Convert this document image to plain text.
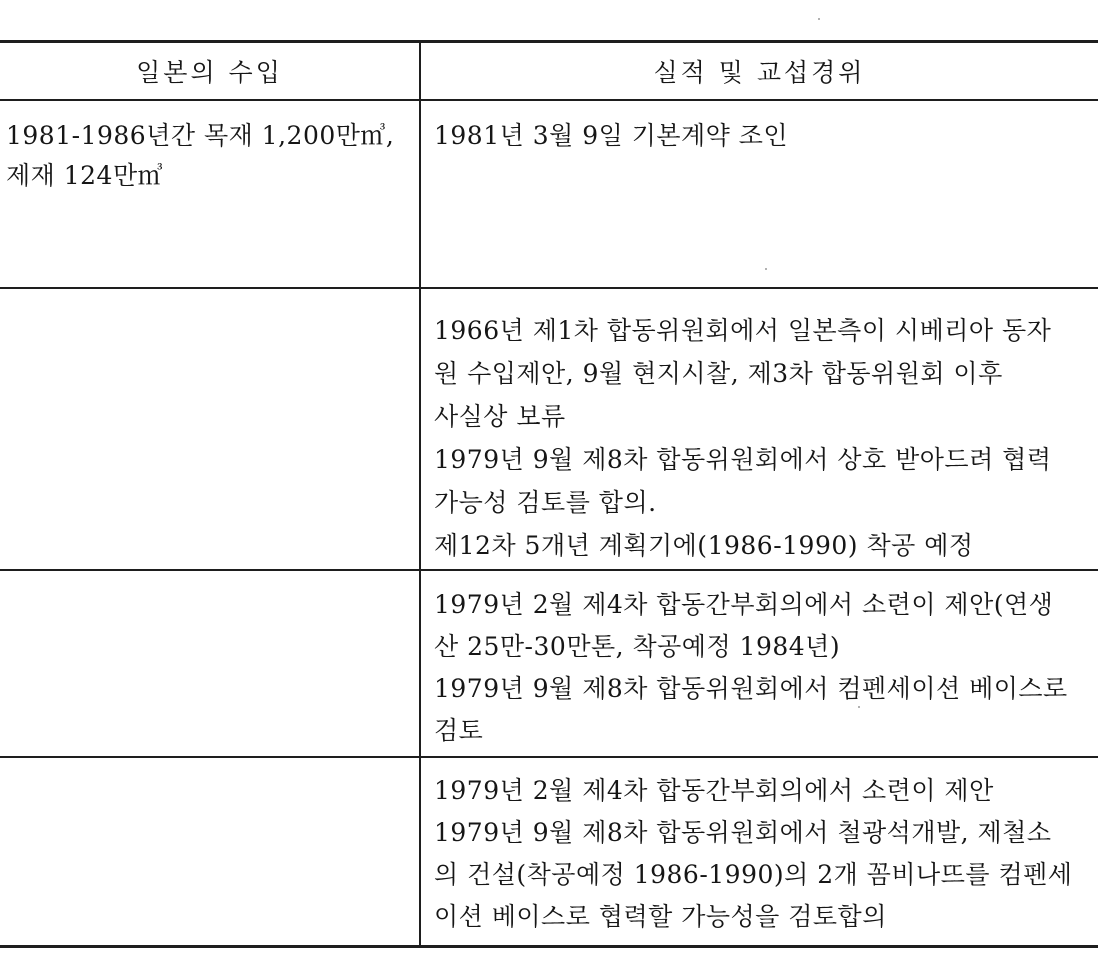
일본의 수입	실적 및 교섭경위
1981-1986년간 목재 1,200만㎥,
제재 124만㎥
1981년 3월 9일 기본계약 조인
1966년 제1차 합동위원회에서 일본측이 시베리아 동자
원 수입제안, 9월 현지시찰, 제3차 합동위원회 이후
사실상 보류
1979년 9월 제8차 합동위원회에서 상호 받아드려 협력
가능성 검토를 합의.
제12차 5개년 계획기에(1986-1990) 착공 예정
1979년 2월 제4차 합동간부회의에서 소련이 제안(연생
산 25만-30만톤, 착공예정 1984년)
1979년 9월 제8차 합동위원회에서 컴펜세이션 베이스로
검토
1979년 2월 제4차 합동간부회의에서 소련이 제안
1979년 9월 제8차 합동위원회에서 철광석개발, 제철소
의 건설(착공예정 1986-1990)의 2개 꼼비나뜨를 컴펜세
이션 베이스로 협력할 가능성을 검토합의
